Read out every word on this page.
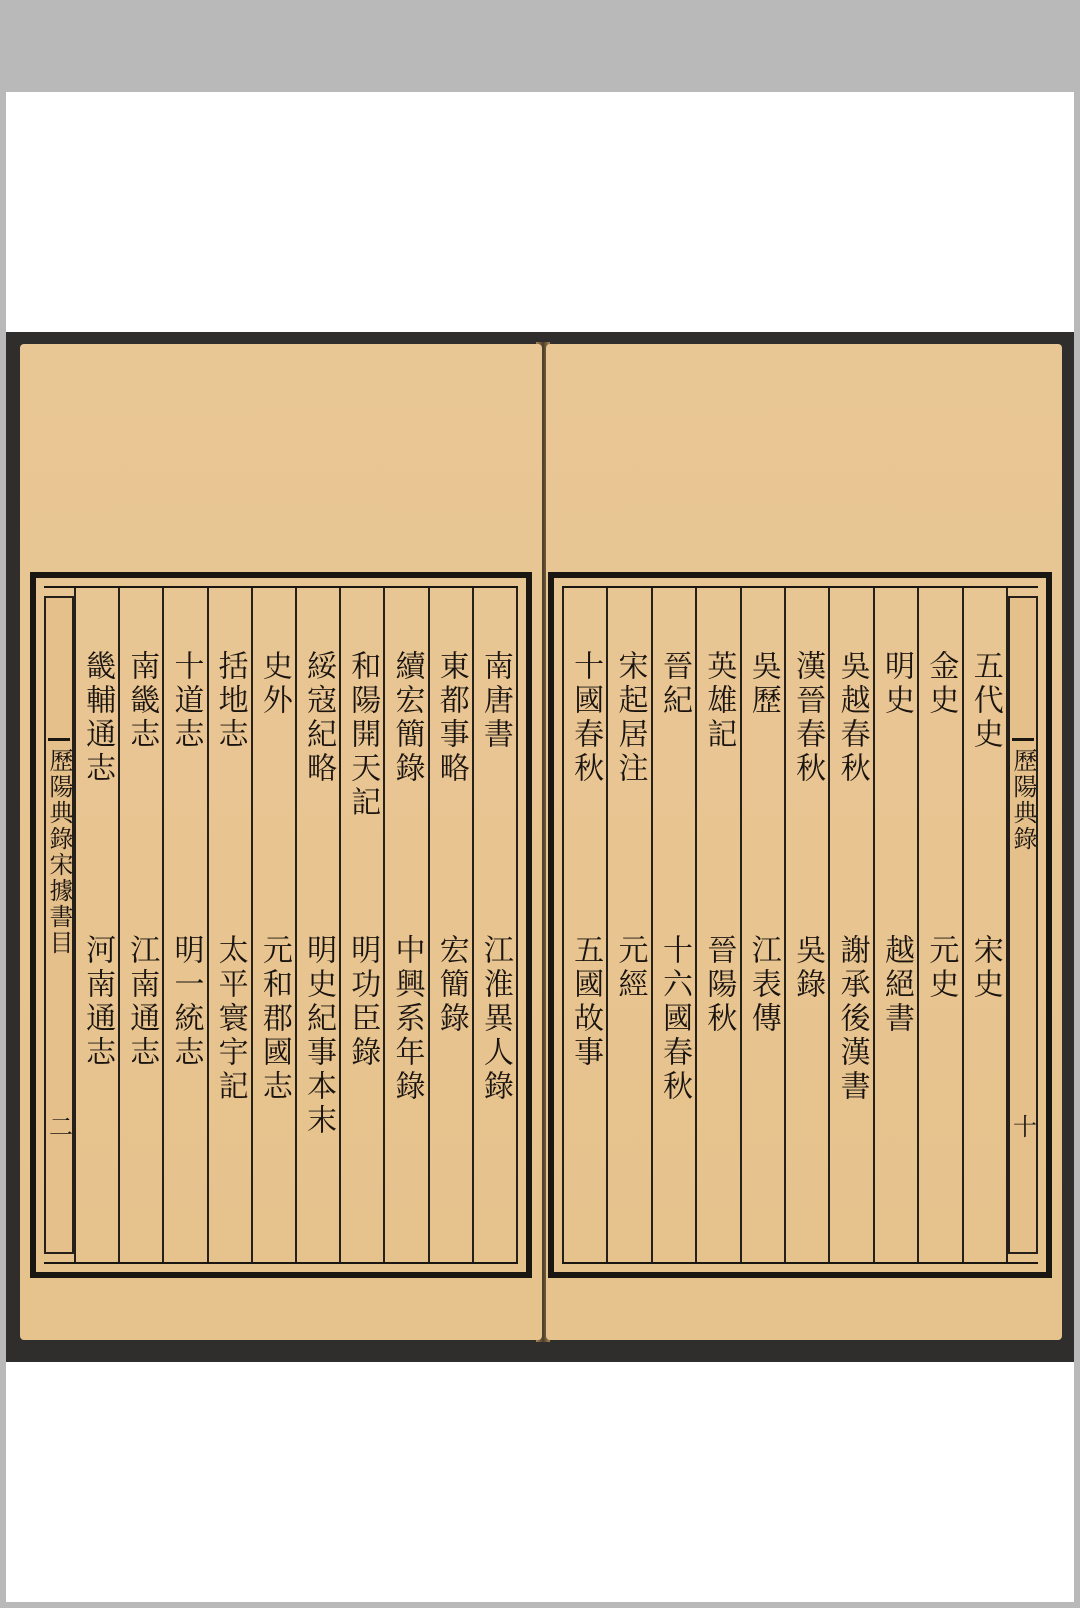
歷陽典錄宋據書目
二
南唐書
江淮異人錄
東都事略
宏簡錄
續宏簡錄
中興系年錄
和陽開天記
明功臣錄
綏寇紀略
明史紀事本末
史外
元和郡國志
括地志
太平寰宇記
十道志
明一統志
南畿志
江南通志
畿輔通志
河南通志
歷陽典錄
十
五代史
宋史
金史
元史
明史
越絕書
吳越春秋
謝承後漢書
漢晉春秋
吳錄
吳歷
江表傳
英雄記
晉陽秋
晉紀
十六國春秋
宋起居注
元經
十國春秋
五國故事
